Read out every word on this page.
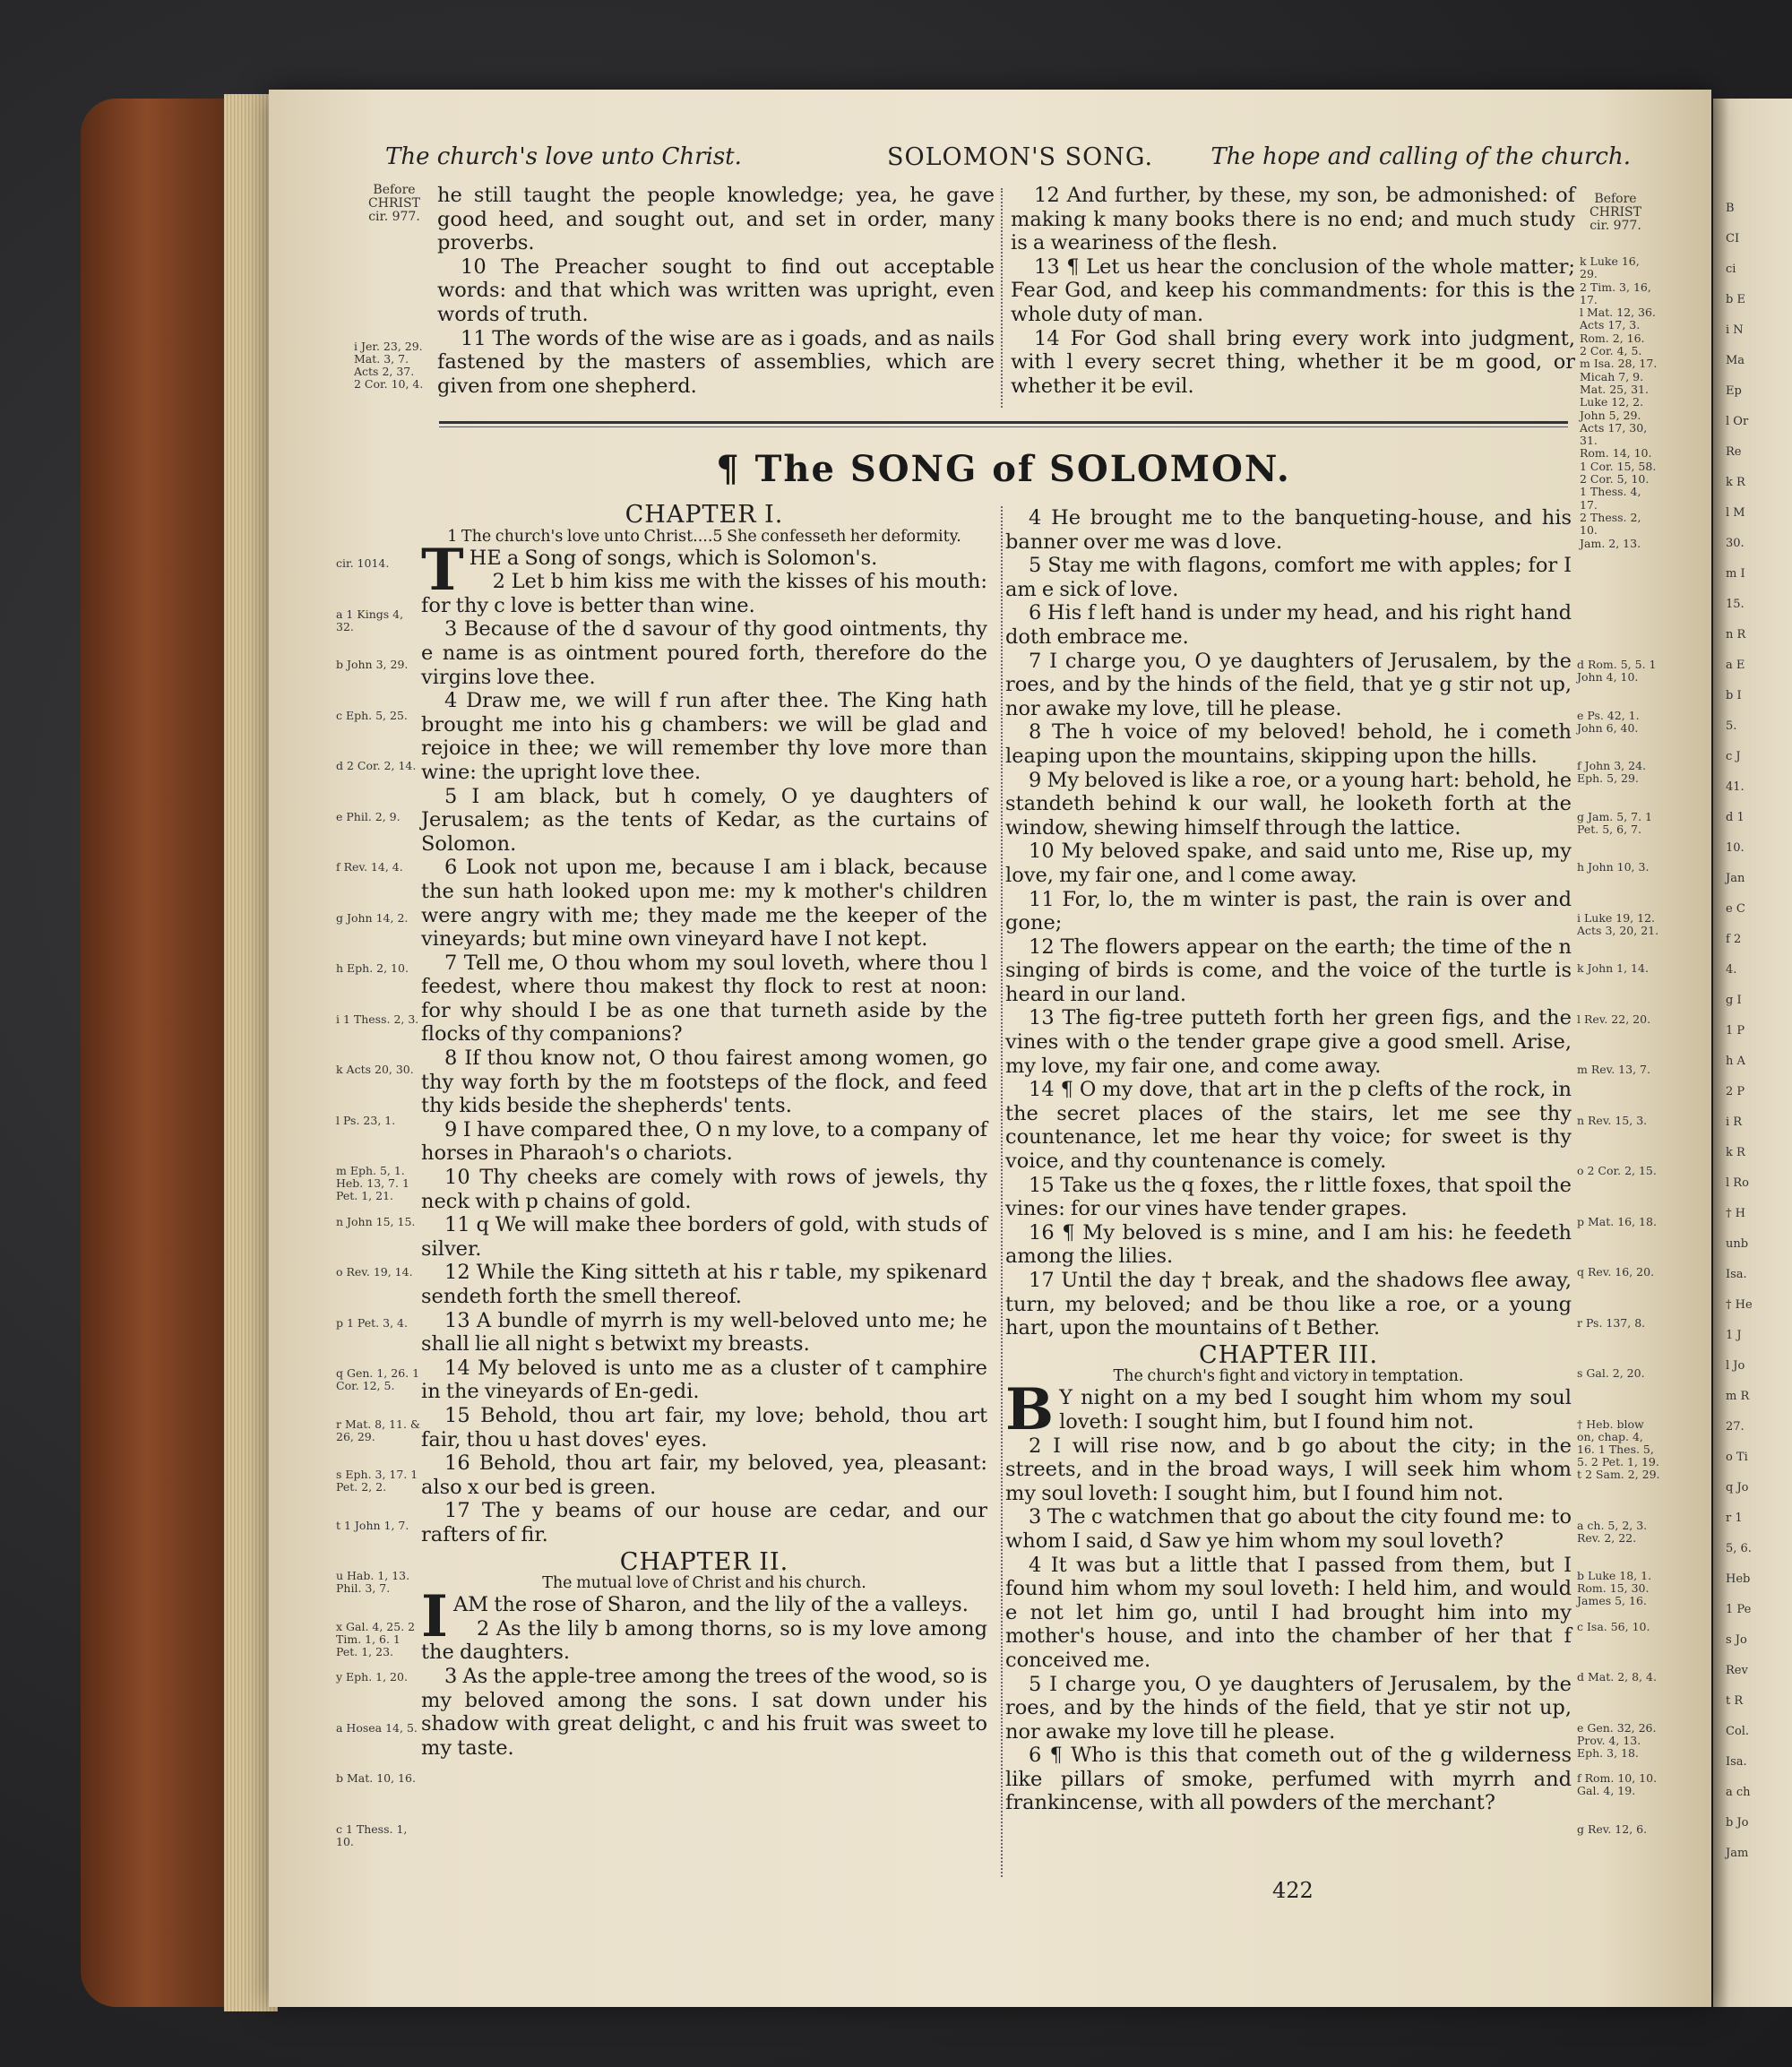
B
CI
ci
b E
i N
Ma
Ep
l Or
Re
k R
l M
30.
m I
15.
n R
a E
b I
5.
c J
41.
d 1
10.
Jan
e C
f 2
4.
g I
1 P
h A
2 P
i R
k R
l Ro
† H
unb
Isa.
† He
1 J
l Jo
m R
27.
o Ti
q Jo
r 1
5, 6.
Heb
1 Pe
s Jo
Rev
t R
Col.
Isa.
a ch
b Jo
Jam
The church's love unto Christ.	SOLOMON'S SONG. The hope and calling of the church.
Before
CHRIST
cir. 977.
i Jer. 23, 29.
Mat. 3, 7.
Acts 2, 37.
2 Cor. 10, 4.

he still taught the people knowledge; yea, he gave good heed, and sought out, and set in order, many proverbs.

10 The Preacher sought to find out acceptable words: and that which was written was upright, even words of truth.

11 The words of the wise are as i goads, and as nails fastened by the masters of assemblies, which are given from one shepherd.

12 And further, by these, my son, be admonished: of making k many books there is no end; and much study is a weariness of the flesh.

13 ¶ Let us hear the conclusion of the whole matter; Fear God, and keep his commandments: for this is the whole duty of man.

14 For God shall bring every work into judgment, with l every secret thing, whether it be m good, or whether it be evil.

Before
CHRIST
cir. 977.
k Luke 16, 29.
2 Tim. 3, 16, 17.
l Mat. 12, 36.
Acts 17, 3.
Rom. 2, 16.
2 Cor. 4, 5.
m Isa. 28, 17.
Micah 7, 9.
Mat. 25, 31.
Luke 12, 2.
John 5, 29.
Acts 17, 30, 31.
Rom. 14, 10.
1 Cor. 15, 58.
2 Cor. 5, 10.
1 Thess. 4, 17.
2 Thess. 2, 10.
Jam. 2, 13.
¶ The SONG of SOLOMON.
cir. 1014.
a 1 Kings 4, 32.
b John 3, 29.
c Eph. 5, 25.
d 2 Cor. 2, 14.
e Phil. 2, 9.
f Rev. 14, 4.
g John 14, 2.
h Eph. 2, 10.
i 1 Thess. 2, 3.
k Acts 20, 30.
l Ps. 23, 1.
m Eph. 5, 1. Heb. 13, 7. 1 Pet. 1, 21.
n John 15, 15.
o Rev. 19, 14.
p 1 Pet. 3, 4.
q Gen. 1, 26. 1 Cor. 12, 5.
r Mat. 8, 11. & 26, 29.
s Eph. 3, 17. 1 Pet. 2, 2.
t 1 John 1, 7.
u Hab. 1, 13. Phil. 3, 7.
x Gal. 4, 25. 2 Tim. 1, 6. 1 Pet. 1, 23.
y Eph. 1, 20.
a Hosea 14, 5.
b Mat. 10, 16.
c 1 Thess. 1, 10.

CHAPTER I.

1 The church's love unto Christ....5 She confesseth her deformity.

THE a Song of songs, which is Solomon's.

2 Let b him kiss me with the kisses of his mouth: for thy c love is better than wine.

3 Because of the d savour of thy good ointments, thy e name is as ointment poured forth, therefore do the virgins love thee.

4 Draw me, we will f run after thee. The King hath brought me into his g chambers: we will be glad and rejoice in thee; we will remember thy love more than wine: the upright love thee.

5 I am black, but h comely, O ye daughters of Jerusalem; as the tents of Kedar, as the curtains of Solomon.

6 Look not upon me, because I am i black, because the sun hath looked upon me: my k mother's children were angry with me; they made me the keeper of the vineyards; but mine own vineyard have I not kept.

7 Tell me, O thou whom my soul loveth, where thou l feedest, where thou makest thy flock to rest at noon: for why should I be as one that turneth aside by the flocks of thy companions?

8 If thou know not, O thou fairest among women, go thy way forth by the m footsteps of the flock, and feed thy kids beside the shepherds' tents.

9 I have compared thee, O n my love, to a company of horses in Pharaoh's o chariots.

10 Thy cheeks are comely with rows of jewels, thy neck with p chains of gold.

11 q We will make thee borders of gold, with studs of silver.

12 While the King sitteth at his r table, my spikenard sendeth forth the smell thereof.

13 A bundle of myrrh is my well-beloved unto me; he shall lie all night s betwixt my breasts.

14 My beloved is unto me as a cluster of t camphire in the vineyards of En-gedi.

15 Behold, thou art fair, my love; behold, thou art fair, thou u hast doves' eyes.

16 Behold, thou art fair, my beloved, yea, pleasant: also x our bed is green.

17 The y beams of our house are cedar, and our rafters of fir.

CHAPTER II.

The mutual love of Christ and his church.

IAM the rose of Sharon, and the lily of the a valleys.

2 As the lily b among thorns, so is my love among the daughters.

3 As the apple-tree among the trees of the wood, so is my beloved among the sons. I sat down under his shadow with great delight, c and his fruit was sweet to my taste.

4 He brought me to the banqueting-house, and his banner over me was d love.

5 Stay me with flagons, comfort me with apples; for I am e sick of love.

6 His f left hand is under my head, and his right hand doth embrace me.

7 I charge you, O ye daughters of Jerusalem, by the roes, and by the hinds of the field, that ye g stir not up, nor awake my love, till he please.

8 The h voice of my beloved! behold, he i cometh leaping upon the mountains, skipping upon the hills.

9 My beloved is like a roe, or a young hart: behold, he standeth behind k our wall, he looketh forth at the window, shewing himself through the lattice.

10 My beloved spake, and said unto me, Rise up, my love, my fair one, and l come away.

11 For, lo, the m winter is past, the rain is over and gone;

12 The flowers appear on the earth; the time of the n singing of birds is come, and the voice of the turtle is heard in our land.

13 The fig-tree putteth forth her green figs, and the vines with o the tender grape give a good smell. Arise, my love, my fair one, and come away.

14 ¶ O my dove, that art in the p clefts of the rock, in the secret places of the stairs, let me see thy countenance, let me hear thy voice; for sweet is thy voice, and thy countenance is comely.

15 Take us the q foxes, the r little foxes, that spoil the vines: for our vines have tender grapes.

16 ¶ My beloved is s mine, and I am his: he feedeth among the lilies.

17 Until the day † break, and the shadows flee away, turn, my beloved; and be thou like a roe, or a young hart, upon the mountains of t Bether.

CHAPTER III.

The church's fight and victory in temptation.

B Y night on a my bed I sought him whom my soul loveth: I sought him, but I found him not.

2 I will rise now, and b go about the city; in the streets, and in the broad ways, I will seek him whom my soul loveth: I sought him, but I found him not.

3 The c watchmen that go about the city found me: to whom I said, d Saw ye him whom my soul loveth?

4 It was but a little that I passed from them, but I found him whom my soul loveth: I held him, and would e not let him go, until I had brought him into my mother's house, and into the chamber of her that f conceived me.

5 I charge you, O ye daughters of Jerusalem, by the roes, and by the hinds of the field, that ye stir not up, nor awake my love till he please.

6 ¶ Who is this that cometh out of the g wilderness like pillars of smoke, perfumed with myrrh and frankincense, with all powders of the merchant?

d Rom. 5, 5. 1 John 4, 10.
e Ps. 42, 1. John 6, 40.
f John 3, 24. Eph. 5, 29.
g Jam. 5, 7. 1 Pet. 5, 6, 7.
h John 10, 3.
i Luke 19, 12. Acts 3, 20, 21.
k John 1, 14.
l Rev. 22, 20.
m Rev. 13, 7.
n Rev. 15, 3.
o 2 Cor. 2, 15.
p Mat. 16, 18.
q Rev. 16, 20.
r Ps. 137, 8.
s Gal. 2, 20.
† Heb. blow on, chap. 4, 16. 1 Thes. 5, 5. 2 Pet. 1, 19.
t 2 Sam. 2, 29.
a ch. 5, 2, 3. Rev. 2, 22.
b Luke 18, 1. Rom. 15, 30. James 5, 16.
c Isa. 56, 10.
d Mat. 2, 8, 4.
e Gen. 32, 26. Prov. 4, 13. Eph. 3, 18.
f Rom. 10, 10. Gal. 4, 19.
g Rev. 12, 6.
422
